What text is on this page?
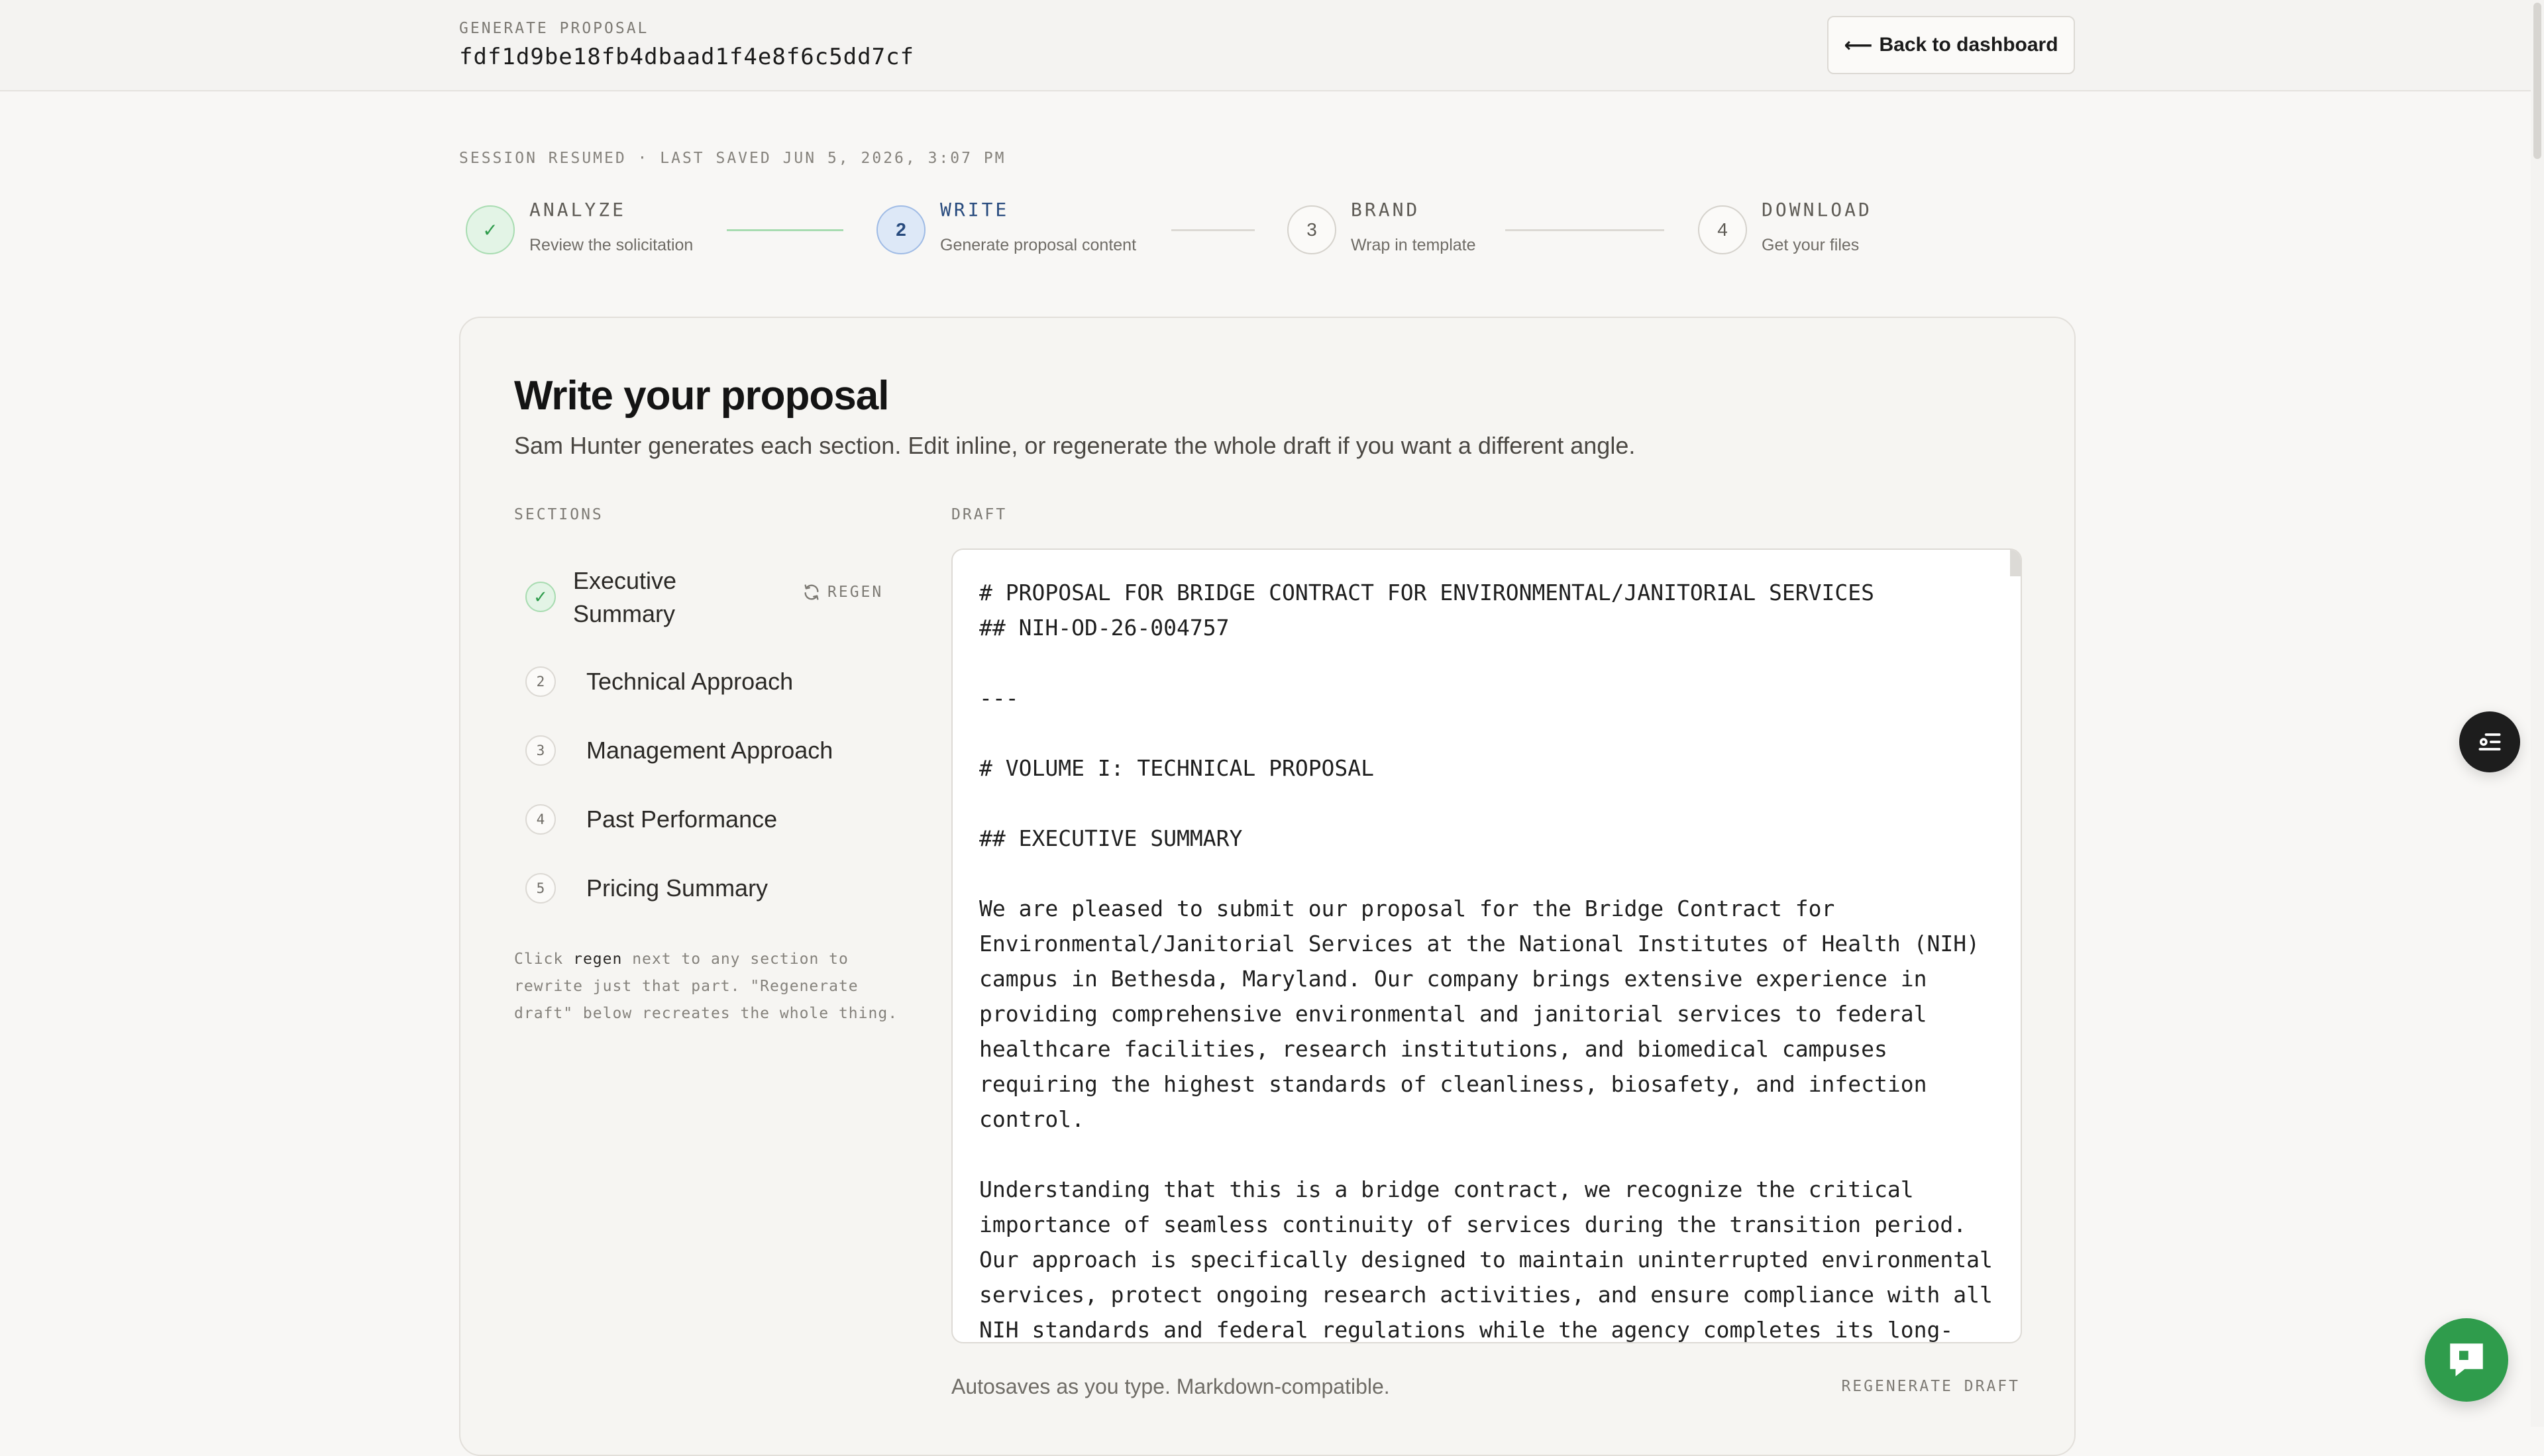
GENERATE PROPOSAL
fdf1d9be18fb4dbaad1f4e8f6c5dd7cf	⟵ Back to dashboard
SESSION RESUMED · LAST SAVED JUN 5, 2026, 3:07 PM
✓
ANALYZE
Review the solicitation
2
WRITE
Generate proposal content
3
BRAND
Wrap in template
4
DOWNLOAD
Get your files
Write your proposal
Sam Hunter generates each section. Edit inline, or regenerate the whole draft if you want a different angle.
SECTIONS	DRAFT
✓
Executive Summary
REGEN
2	Technical Approach
3	Management Approach
4	Past Performance
5	Pricing Summary
Click regen next to any section to rewrite just that part. "Regenerate draft" below recreates the whole thing.
# PROPOSAL FOR BRIDGE CONTRACT FOR ENVIRONMENTAL/JANITORIAL SERVICES
## NIH-OD-26-004757

---

# VOLUME I: TECHNICAL PROPOSAL

## EXECUTIVE SUMMARY

We are pleased to submit our proposal for the Bridge Contract for
Environmental/Janitorial Services at the National Institutes of Health (NIH)
campus in Bethesda, Maryland. Our company brings extensive experience in
providing comprehensive environmental and janitorial services to federal
healthcare facilities, research institutions, and biomedical campuses
requiring the highest standards of cleanliness, biosafety, and infection
control.

Understanding that this is a bridge contract, we recognize the critical
importance of seamless continuity of services during the transition period.
Our approach is specifically designed to maintain uninterrupted environmental
services, protect ongoing research activities, and ensure compliance with all
NIH standards and federal regulations while the agency completes its long-
Autosaves as you type. Markdown-compatible.	REGENERATE DRAFT
